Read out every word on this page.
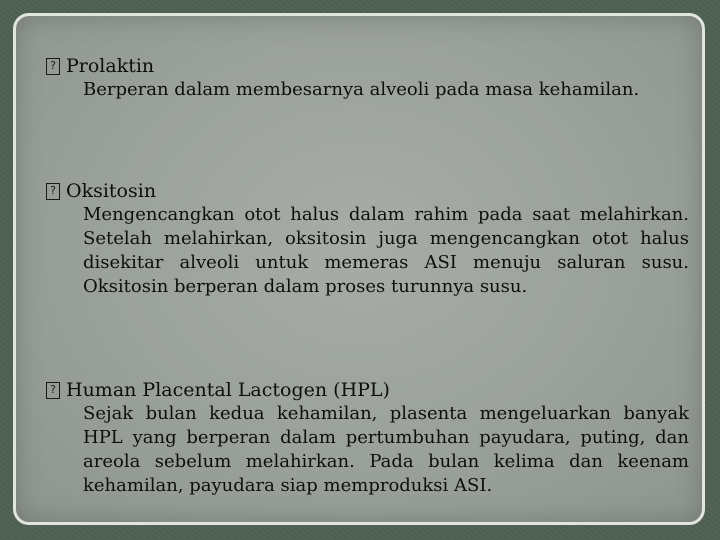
? Prolaktin
Berperan dalam membesarnya alveoli pada masa kehamilan.
? Oksitosin
Mengencangkan otot halus dalam rahim pada saat melahirkan. Setelah melahirkan, oksitosin juga mengencangkan otot halus disekitar alveoli untuk memeras ASI menuju saluran susu. Oksitosin berperan dalam proses turunnya susu.
? Human Placental Lactogen (HPL)
Sejak bulan kedua kehamilan, plasenta mengeluarkan banyak HPL yang berperan dalam pertumbuhan payudara, puting, dan areola sebelum melahirkan. Pada bulan kelima dan keenam kehamilan, payudara siap memproduksi ASI.
